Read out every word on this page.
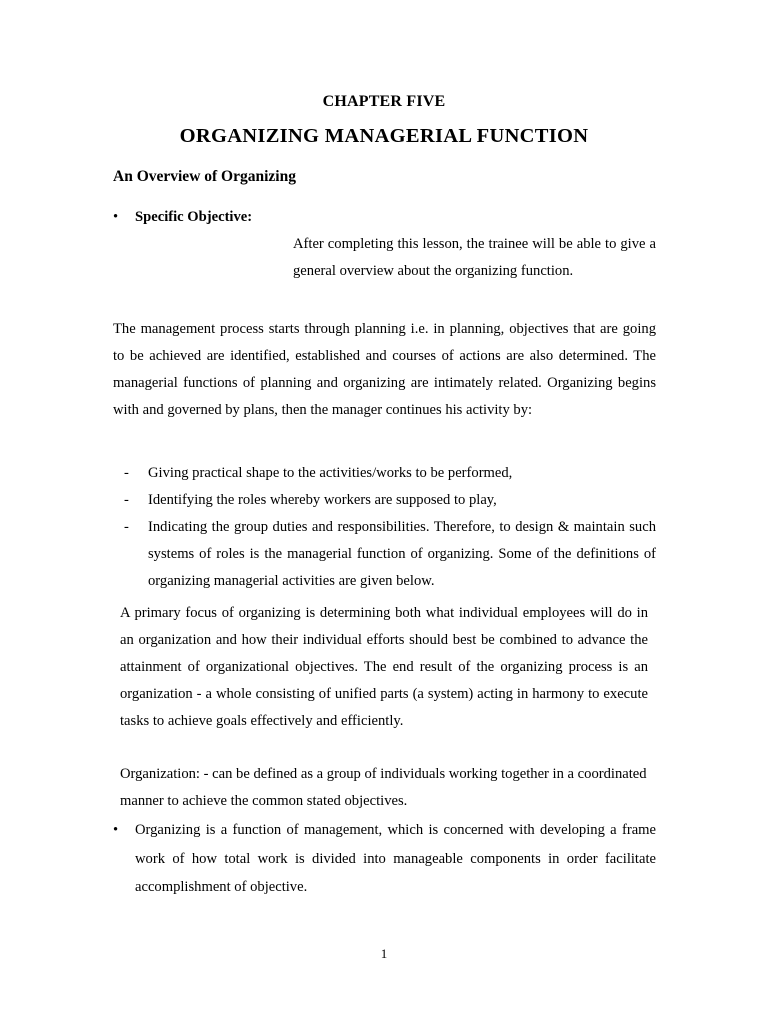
CHAPTER FIVE
ORGANIZING MANAGERIAL FUNCTION
An Overview of Organizing
• Specific Objective:
After completing this lesson, the trainee will be able to give a general overview about the organizing function.
The management process starts through planning i.e. in planning, objectives that are going to be achieved are identified, established and courses of actions are also determined. The managerial functions of planning and organizing are intimately related. Organizing begins with and governed by plans, then the manager continues his activity by:
- Giving practical shape to the activities/works to be performed,
- Identifying the roles whereby workers are supposed to play,
- Indicating the group duties and responsibilities. Therefore, to design & maintain such systems of roles is the managerial function of organizing. Some of the definitions of organizing managerial activities are given below.
A primary focus of organizing is determining both what individual employees will do in an organization and how their individual efforts should best be combined to advance the attainment of organizational objectives. The end result of the organizing process is an organization - a whole consisting of unified parts (a system) acting in harmony to execute tasks to achieve goals effectively and efficiently.
Organization: - can be defined as a group of individuals working together in a coordinated manner to achieve the common stated objectives.
• Organizing is a function of management, which is concerned with developing a frame work of how total work is divided into manageable components in order facilitate accomplishment of objective.
1
